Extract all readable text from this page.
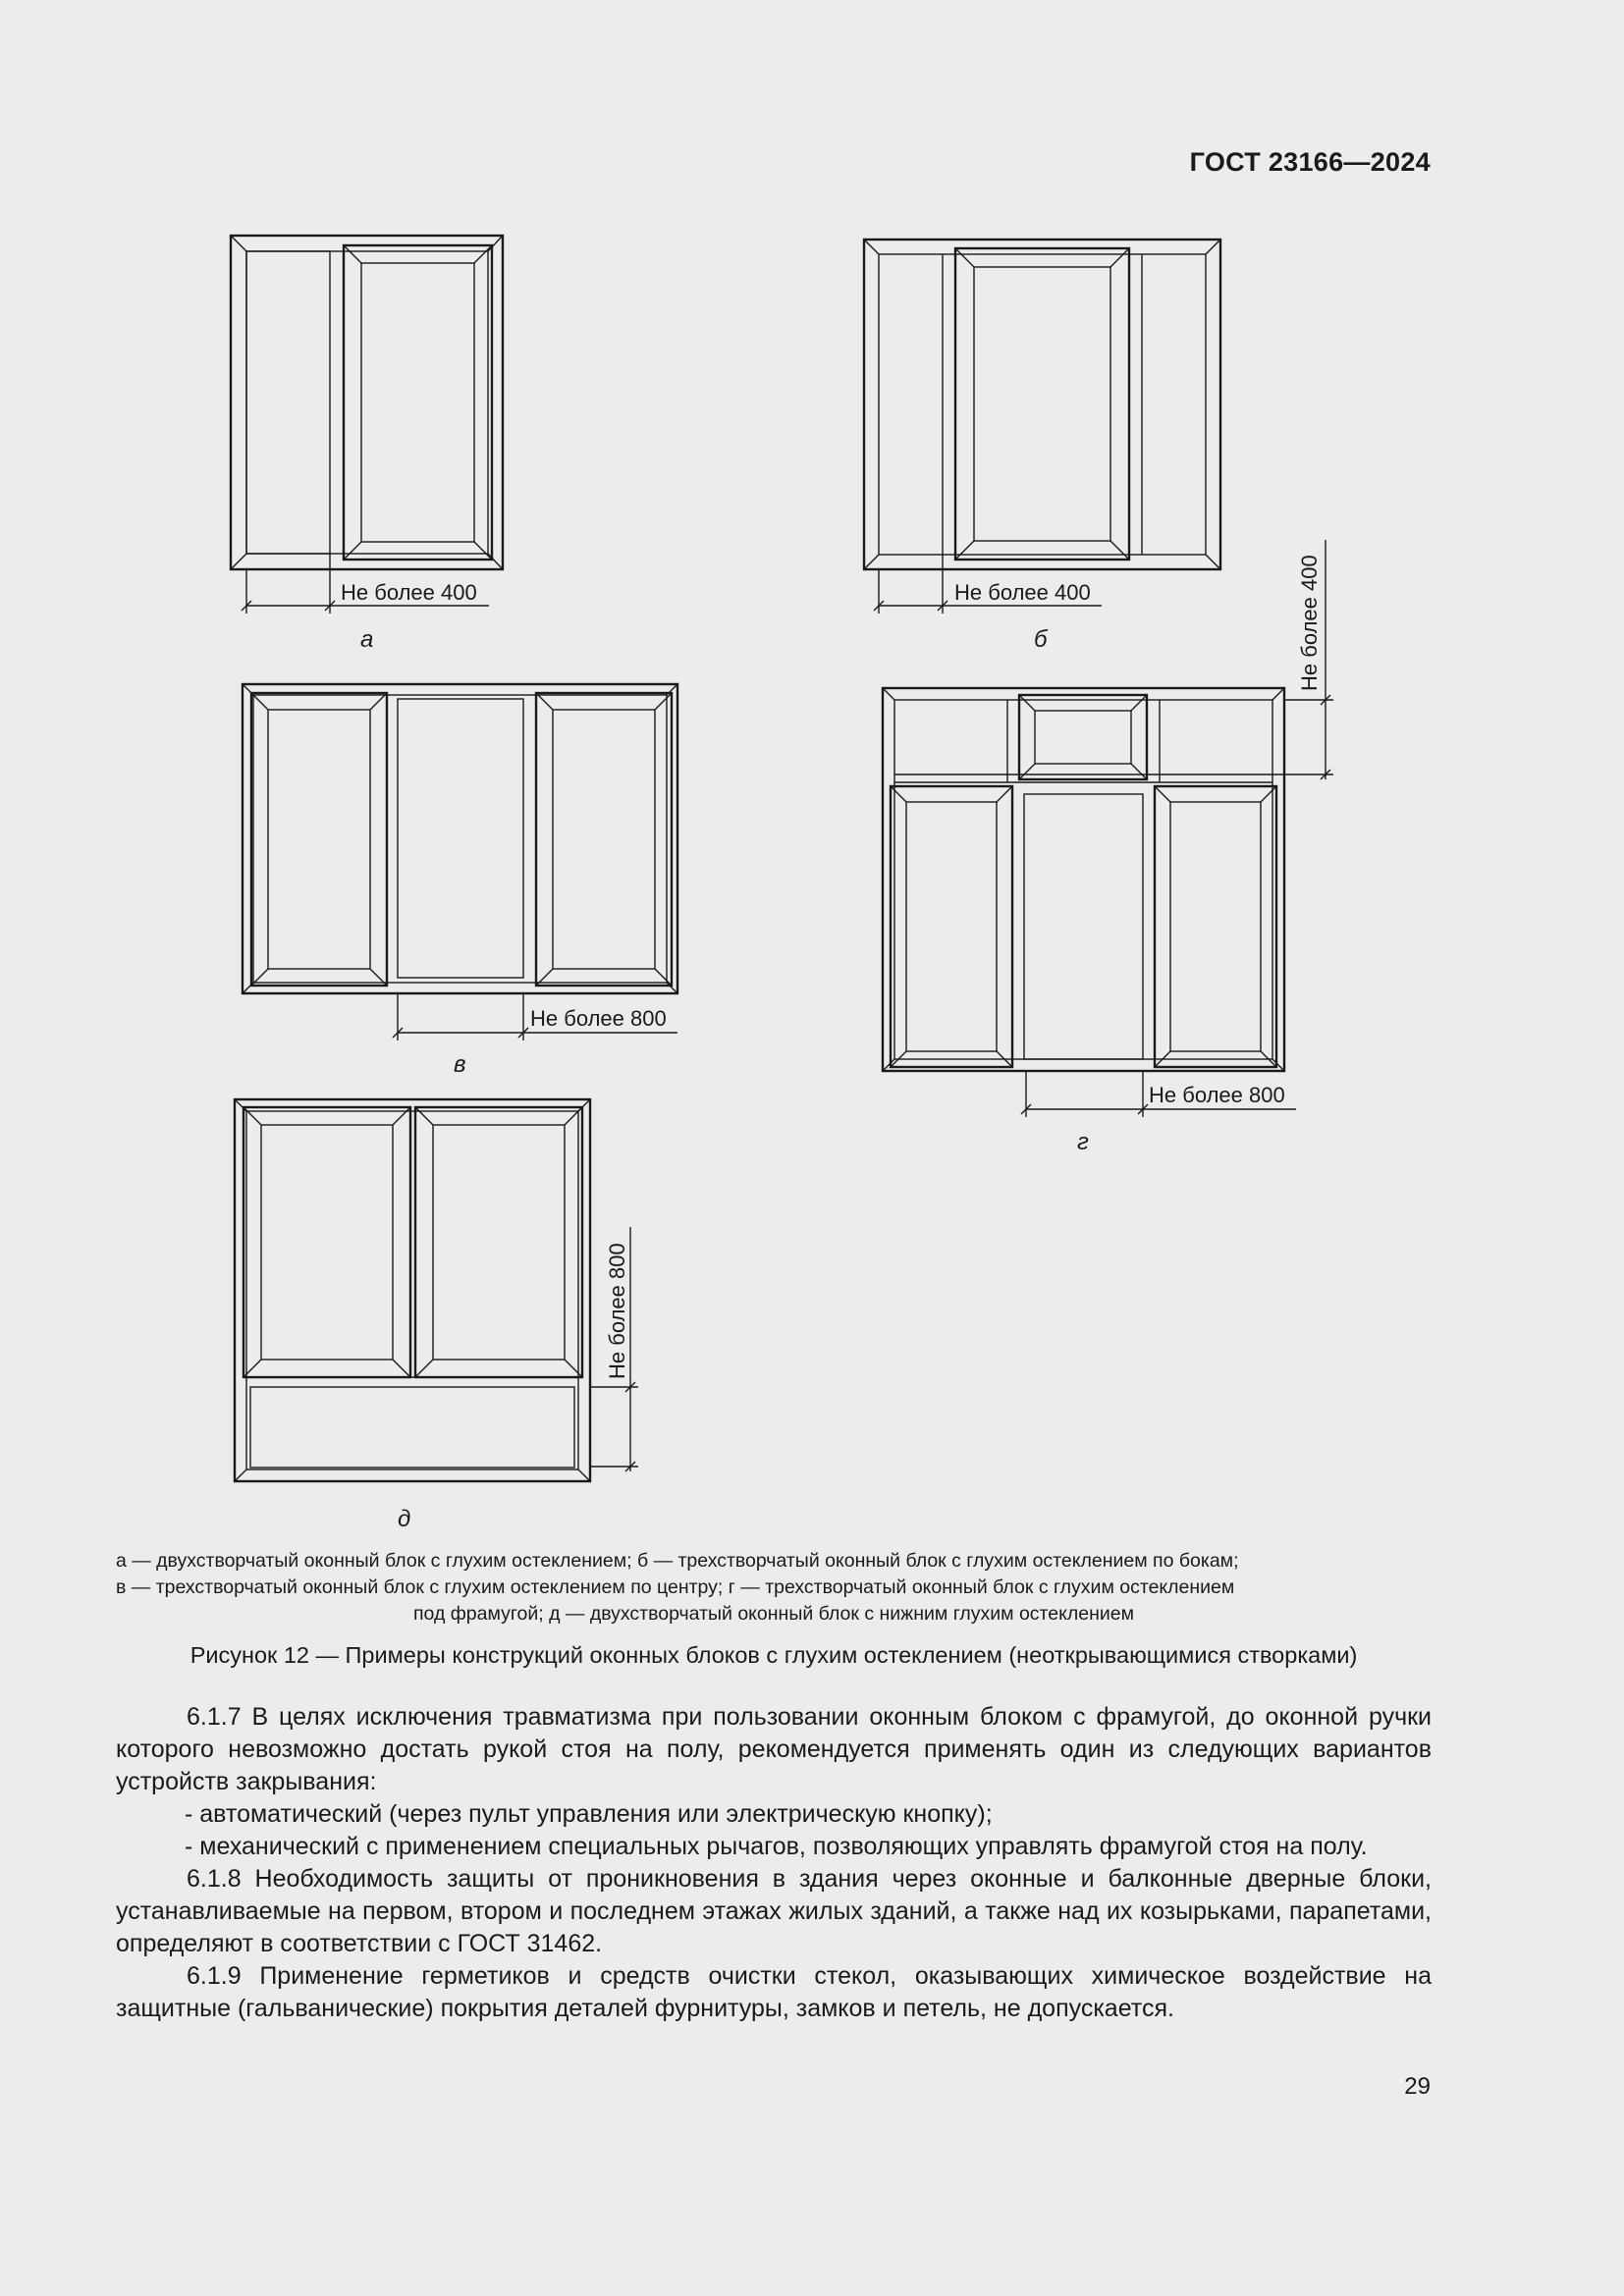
ГОСТ 23166—2024
Не более 400
а
Не более 400
б
Не более 800
в
Не более 800
Не более 400
г
Не более 800
д

а — двухстворчатый оконный блок с глухим остеклением; б — трехстворчатый оконный блок с глухим остеклением по бокам;

в — трехстворчатый оконный блок с глухим остеклением по центру; г — трехстворчатый оконный блок с глухим остеклением

под фрамугой; д — двухстворчатый оконный блок с нижним глухим остеклением

Рисунок 12 — Примеры конструкций оконных блоков с глухим остеклением (неоткрывающимися створками)

6.1.7 В целях исключения травматизма при пользовании оконным блоком с фрамугой, до оконной ручки которого невозможно достать рукой стоя на полу, рекомендуется применять один из следующих вариантов устройств закрывания:

- автоматический (через пульт управления или электрическую кнопку);

- механический с применением специальных рычагов, позволяющих управлять фрамугой стоя на полу.

6.1.8 Необходимость защиты от проникновения в здания через оконные и балконные дверные блоки, устанавливаемые на первом, втором и последнем этажах жилых зданий, а также над их козырьками, парапетами, определяют в соответствии с ГОСТ 31462.

6.1.9 Применение герметиков и средств очистки стекол, оказывающих химическое воздействие на защитные (гальванические) покрытия деталей фурнитуры, замков и петель, не допускается.

29
